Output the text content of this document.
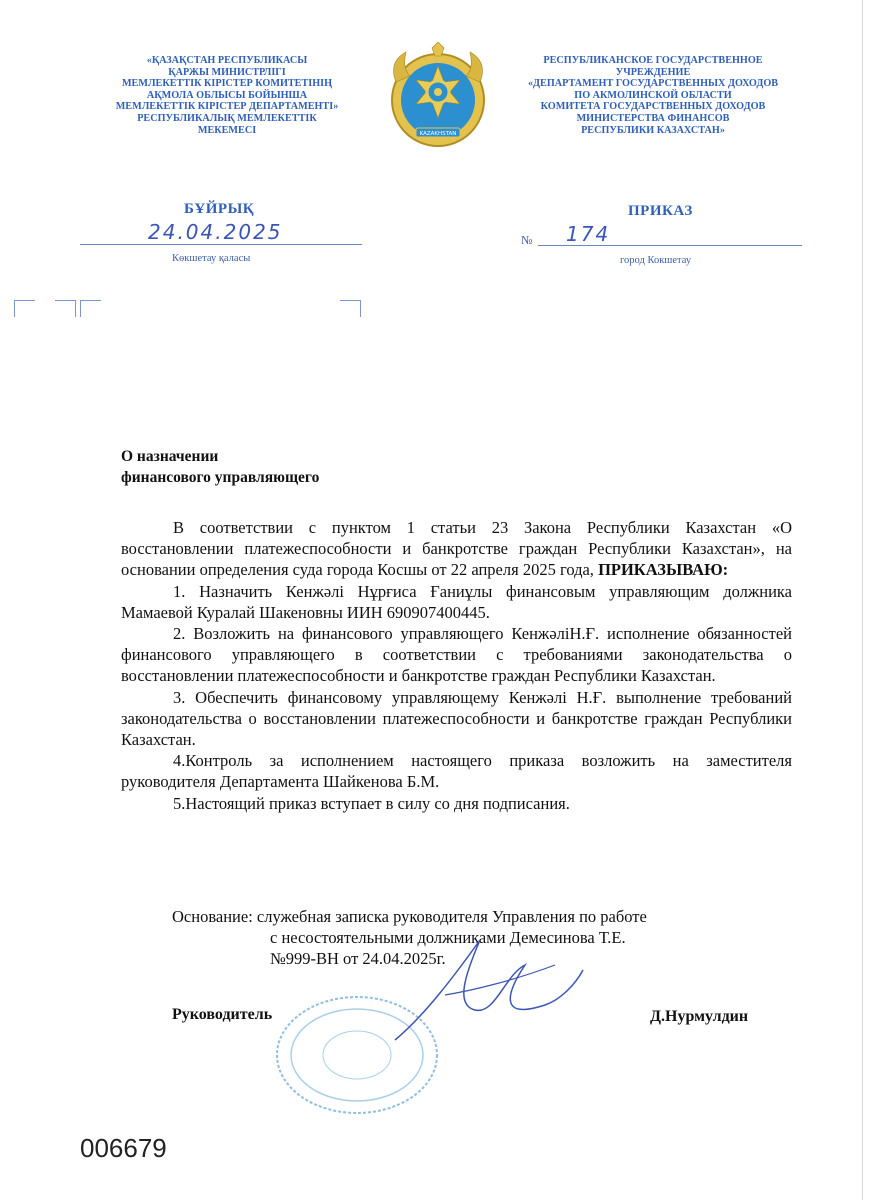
«ҚАЗАҚСТАН РЕСПУБЛИКАСЫ
ҚАРЖЫ МИНИСТРЛІГІ
МЕМЛЕКЕТТІК КІРІСТЕР КОМИТЕТІНІҢ
АҚМОЛА ОБЛЫСЫ БОЙЫНША
МЕМЛЕКЕТТІК КІРІСТЕР ДЕПАРТАМЕНТІ»
РЕСПУБЛИКАЛЫҚ МЕМЛЕКЕТТІК
МЕКЕМЕСІ	KAZAKHSTAN
РЕСПУБЛИКАНСКОЕ ГОСУДАРСТВЕННОЕ
УЧРЕЖДЕНИЕ
«ДЕПАРТАМЕНТ ГОСУДАРСТВЕННЫХ ДОХОДОВ
ПО АКМОЛИНСКОЙ ОБЛАСТИ
КОМИТЕТА ГОСУДАРСТВЕННЫХ ДОХОДОВ
МИНИСТЕРСТВА ФИНАНСОВ
РЕСПУБЛИКИ КАЗАХСТАН»
БҰЙРЫҚ	ПРИКАЗ
24.04.2025	№ 174
Көкшетау қаласы	город Кокшетау
О назначении
финансового управляющего

В соответствии с пунктом 1 статьи 23 Закона Республики Казахстан «О восстановлении платежеспособности и банкротстве граждан Республики Казахстан», на основании определения суда города Косшы от 22 апреля 2025 года, ПРИКАЗЫВАЮ:

1. Назначить Кенжәлі Нұрғиса Ғаниұлы финансовым управляющим должника Мамаевой Куралай Шакеновны ИИН 690907400445.

2. Возложить на финансового управляющего КенжәліН.Ғ. исполнение обязанностей финансового управляющего в соответствии с требованиями законодательства о восстановлении платежеспособности и банкротстве граждан Республики Казахстан.

3. Обеспечить финансовому управляющему Кенжәлі Н.Ғ. выполнение требований законодательства о восстановлении платежеспособности и банкротстве граждан Республики Казахстан.

4.Контроль за исполнением настоящего приказа возложить на заместителя руководителя Департамента Шайкенова Б.М.

5.Настоящий приказ вступает в силу со дня подписания.

Основание: служебная записка руководителя Управления по работе
с несостоятельными должниками Демесинова Т.Е.
№999-ВН от 24.04.2025г.
Руководитель	Д.Нурмулдин
006679
